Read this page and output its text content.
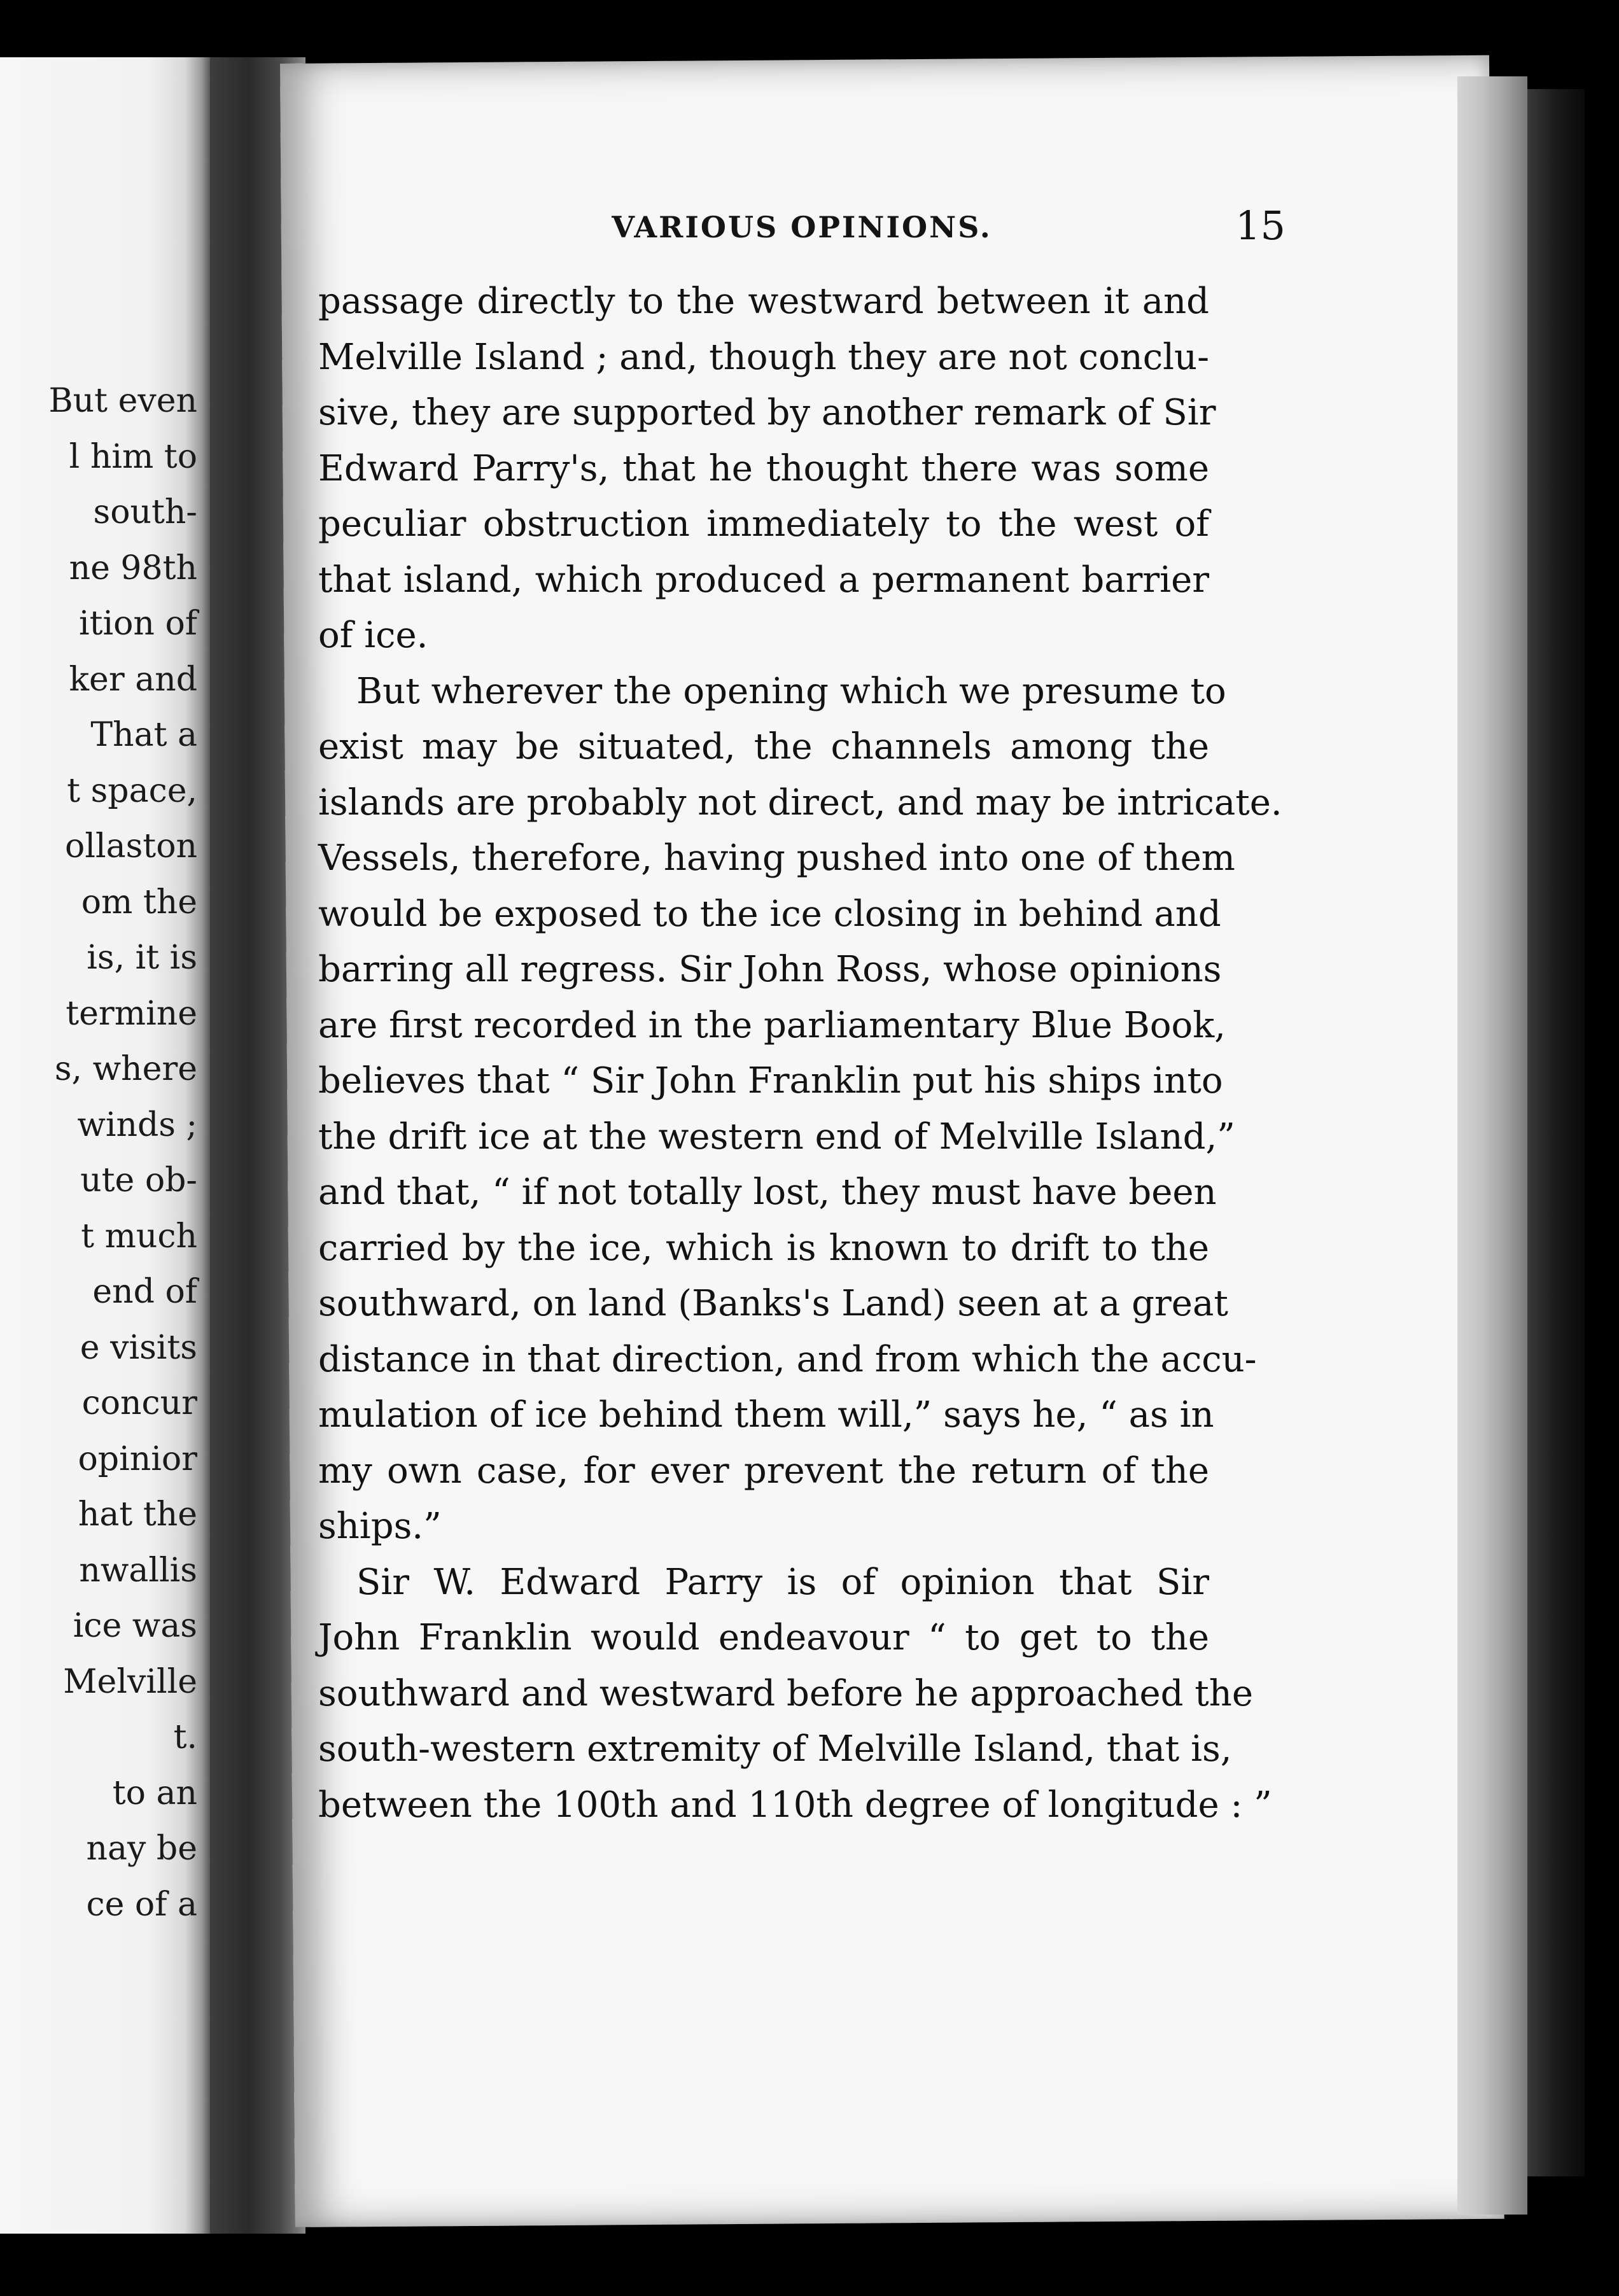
But even
l him to
south-
ne 98th
ition of
ker and
That a
t space,
ollaston
om the
is, it is
termine
s, where
winds ;
ute ob-
t much
end of
e visits
concur
opinior
hat the
nwallis
ice was
Melville
t.
to an
nay be
ce of a
VARIOUS OPINIONS.	15
passage directly to the westward between it and
Melville Island ; and, though they are not conclu-
sive, they are supported by another remark of Sir
Edward Parry's, that he thought there was some
peculiar obstruction immediately to the west of
that island, which produced a permanent barrier
of ice.
But wherever the opening which we presume to
exist may be situated, the channels among the
islands are probably not direct, and may be intricate.
Vessels, therefore, having pushed into one of them
would be exposed to the ice closing in behind and
barring all regress. Sir John Ross, whose opinions
are first recorded in the parliamentary Blue Book,
believes that “ Sir John Franklin put his ships into
the drift ice at the western end of Melville Island,”
and that, “ if not totally lost, they must have been
carried by the ice, which is known to drift to the
southward, on land (Banks's Land) seen at a great
distance in that direction, and from which the accu-
mulation of ice behind them will,” says he, “ as in
my own case, for ever prevent the return of the
ships.”
Sir W. Edward Parry is of opinion that Sir
John Franklin would endeavour “ to get to the
southward and westward before he approached the
south-western extremity of Melville Island, that is,
between the 100th and 110th degree of longitude : ”
